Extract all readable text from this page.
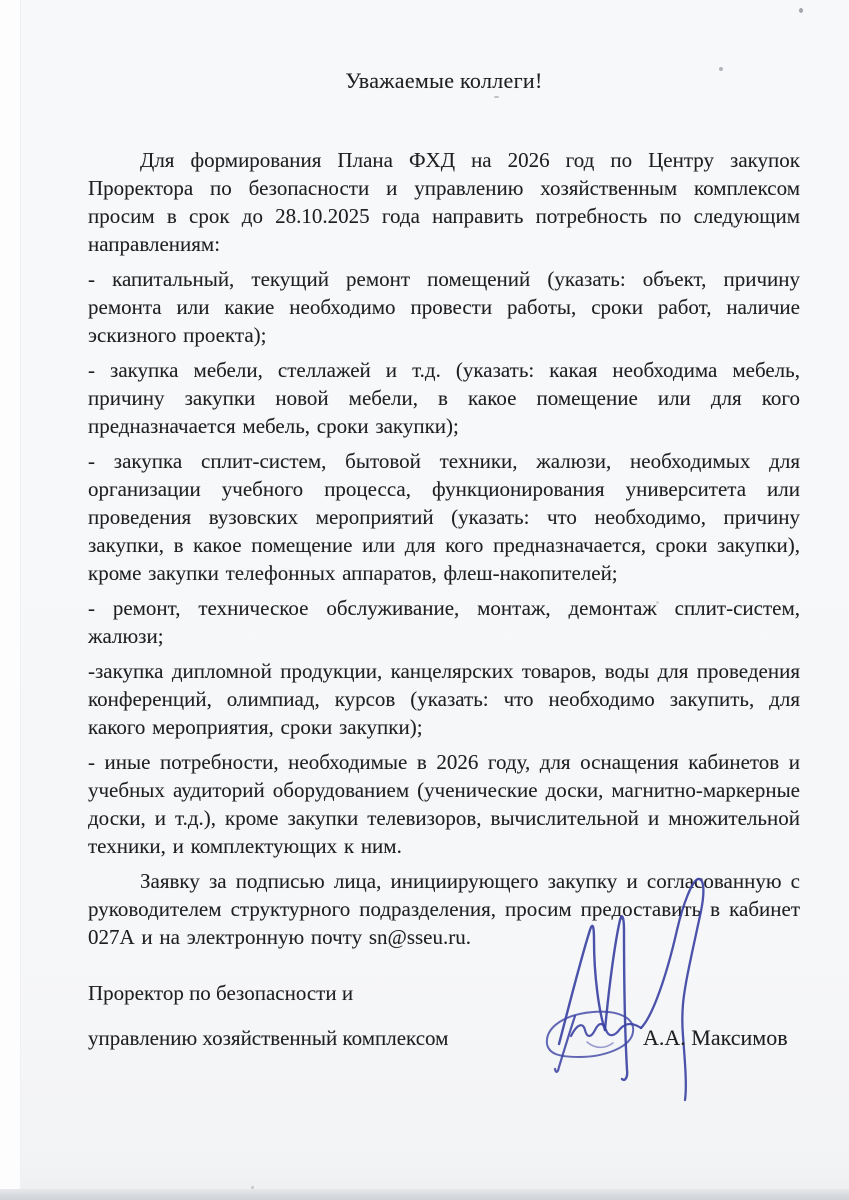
Уважаемые коллеги!

Для формирования Плана ФХД на 2026 год по Центру закупок Проректора по безопасности и управлению хозяйственным комплексом просим в срок до 28.10.2025 года направить потребность по следующим направлениям:

- капитальный, текущий ремонт помещений (указать: объект, причину ремонта или какие необходимо провести работы, сроки работ, наличие эскизного проекта);

- закупка мебели, стеллажей и т.д. (указать: какая необходима мебель, причину закупки новой мебели, в какое помещение или для кого предназначается мебель, сроки закупки);

- закупка сплит-систем, бытовой техники, жалюзи, необходимых для организации учебного процесса, функционирования университета или проведения вузовских мероприятий (указать: что необходимо, причину закупки, в какое помещение или для кого предназначается, сроки закупки), кроме закупки телефонных аппаратов, флеш-накопителей;

- ремонт, техническое обслуживание, монтаж, демонтаж сплит-систем, жалюзи;

-закупка дипломной продукции, канцелярских товаров, воды для проведения конференций, олимпиад, курсов (указать: что необходимо закупить, для какого мероприятия, сроки закупки);

- иные потребности, необходимые в 2026 году, для оснащения кабинетов и учебных аудиторий оборудованием (ученические доски, магнитно-маркерные доски, и т.д.), кроме закупки телевизоров, вычислительной и множительной техники, и комплектующих к ним.

Заявку за подписью лица, инициирующего закупку и согласованную с руководителем структурного подразделения, просим предоставить в кабинет 027А и на электронную почту sn@sseu.ru.

Проректор по безопасности и
управлению хозяйственный комплексом	А.А. Максимов
